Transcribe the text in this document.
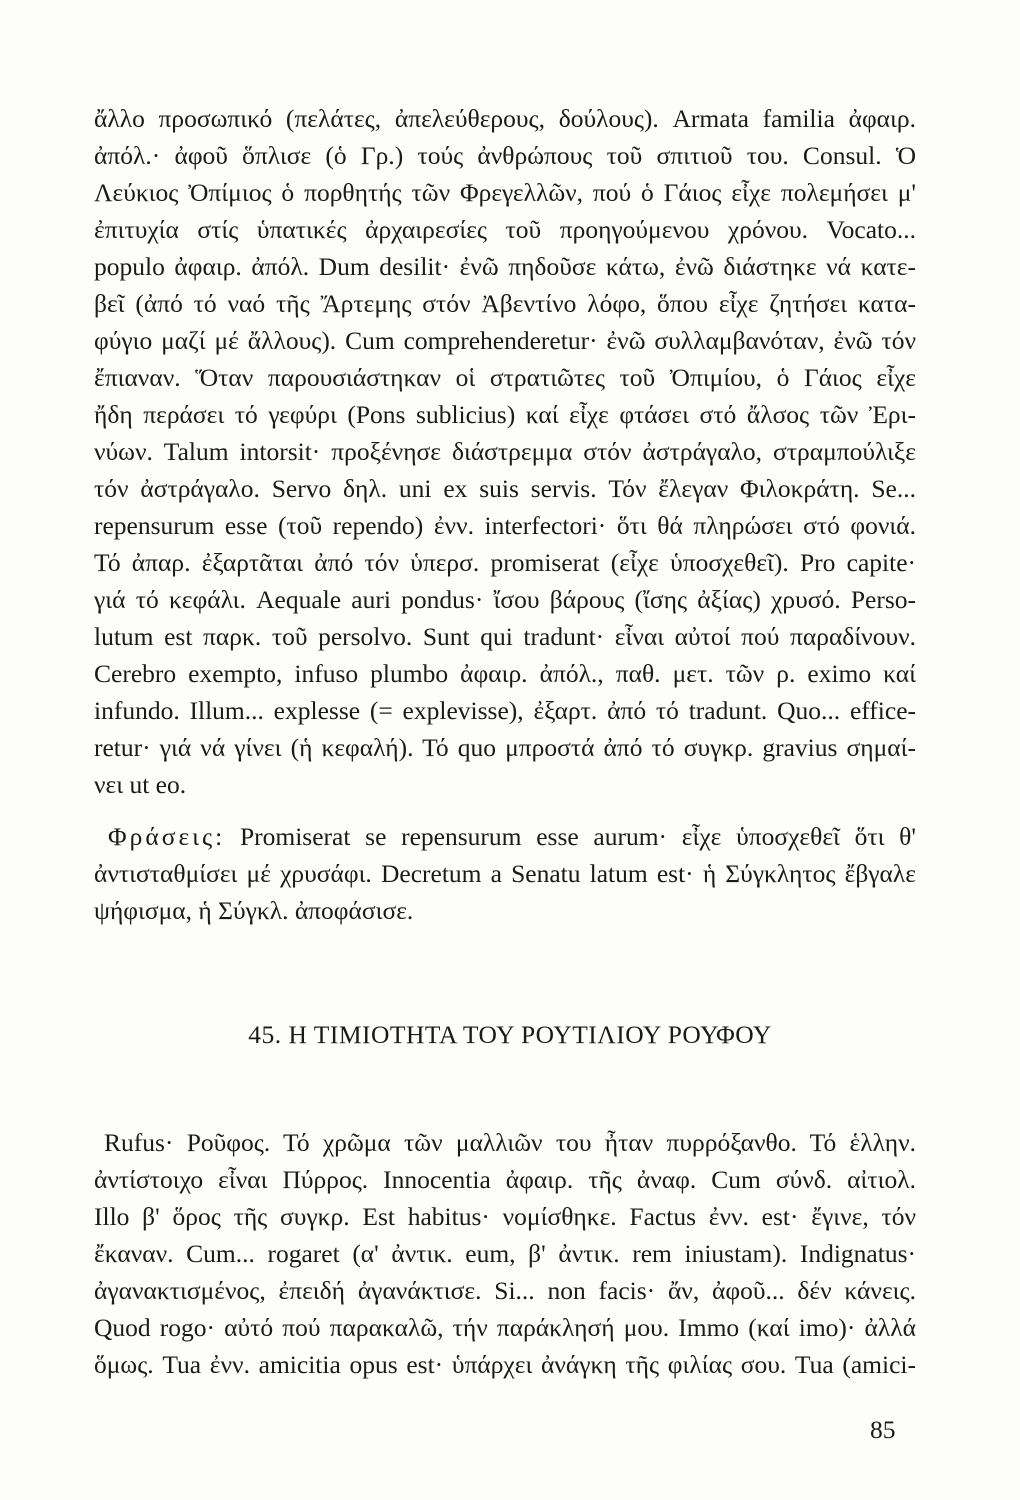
ἄλλο προσωπικό (πελάτες, ἀπελεύθερους, δούλους). Armata familia ἀφαιρ.
ἀπόλ.· ἀφοῦ ὅπλισε (ὁ Γρ.) τούς ἀνθρώπους τοῦ σπιτιοῦ του. Consul. Ὁ
Λεύκιος Ὀπίμιος ὁ πορθητής τῶν Φρεγελλῶν, πού ὁ Γάιος εἶχε πολεμήσει μ'
ἐπιτυχία στίς ὑπατικές ἀρχαιρεσίες τοῦ προηγούμενου χρόνου. Vocato...
populo ἀφαιρ. ἀπόλ. Dum desilit· ἐνῶ πηδοῦσε κάτω, ἐνῶ διάστηκε νά κατε-
βεῖ (ἀπό τό ναό τῆς Ἄρτεμης στόν Ἀβεντίνο λόφο, ὅπου εἶχε ζητήσει κατα-
φύγιο μαζί μέ ἄλλους). Cum comprehenderetur· ἐνῶ συλλαμβανόταν, ἐνῶ τόν
ἔπιαναν. Ὅταν παρουσιάστηκαν οἱ στρατιῶτες τοῦ Ὀπιμίου, ὁ Γάιος εἶχε
ἤδη περάσει τό γεφύρι (Pons sublicius) καί εἶχε φτάσει στό ἄλσος τῶν Ἐρι-
νύων. Talum intorsit· προξένησε διάστρεμμα στόν ἀστράγαλο, στραμπούλιξε
τόν ἀστράγαλο. Servo δηλ. uni ex suis servis. Τόν ἔλεγαν Φιλοκράτη. Se...
repensurum esse (τοῦ rependo) ἐνν. interfectori· ὅτι θά πληρώσει στό φονιά.
Τό ἀπαρ. ἐξαρτᾶται ἀπό τόν ὑπερσ. promiserat (εἶχε ὑποσχεθεῖ). Pro capite·
γιά τό κεφάλι. Aequale auri pondus· ἴσου βάρους (ἴσης ἀξίας) χρυσό. Perso-
lutum est παρκ. τοῦ persolvo. Sunt qui tradunt· εἶναι αὐτοί πού παραδίνουν.
Cerebro exempto, infuso plumbo ἀφαιρ. ἀπόλ., παθ. μετ. τῶν ρ. eximo καί
infundo. Illum... explesse (= explevisse), ἐξαρτ. ἀπό τό tradunt. Quo... effice-
retur· γιά νά γίνει (ἡ κεφαλή). Τό quo μπροστά ἀπό τό συγκρ. gravius σημαί-
νει ut eo.
Φράσεις: Promiserat se repensurum esse aurum· εἶχε ὑποσχεθεῖ ὅτι θ'
ἀντισταθμίσει μέ χρυσάφι. Decretum a Senatu latum est· ἡ Σύγκλητος ἔβγαλε
ψήφισμα, ἡ Σύγκλ. ἀποφάσισε.
45. Η ΤΙΜΙΟΤΗΤΑ ΤΟΥ ΡΟΥΤΙΛΙΟΥ ΡΟΥΦΟΥ
Rufus· Ροῦφος. Τό χρῶμα τῶν μαλλιῶν του ἦταν πυρρόξανθο. Τό ἑλλην.
ἀντίστοιχο εἶναι Πύρρος. Innocentia ἀφαιρ. τῆς ἀναφ. Cum σύνδ. αἰτιολ.
Illo β' ὅρος τῆς συγκρ. Est habitus· νομίσθηκε. Factus ἐνν. est· ἔγινε, τόν
ἔκαναν. Cum... rogaret (α' ἀντικ. eum, β' ἀντικ. rem iniustam). Indignatus·
ἀγανακτισμένος, ἐπειδή ἀγανάκτισε. Si... non facis· ἄν, ἀφοῦ... δέν κάνεις.
Quod rogo· αὐτό πού παρακαλῶ, τήν παράκλησή μου. Immo (καί imo)· ἀλλά
ὅμως. Tua ἐνν. amicitia opus est· ὑπάρχει ἀνάγκη τῆς φιλίας σου. Tua (amici-
85
